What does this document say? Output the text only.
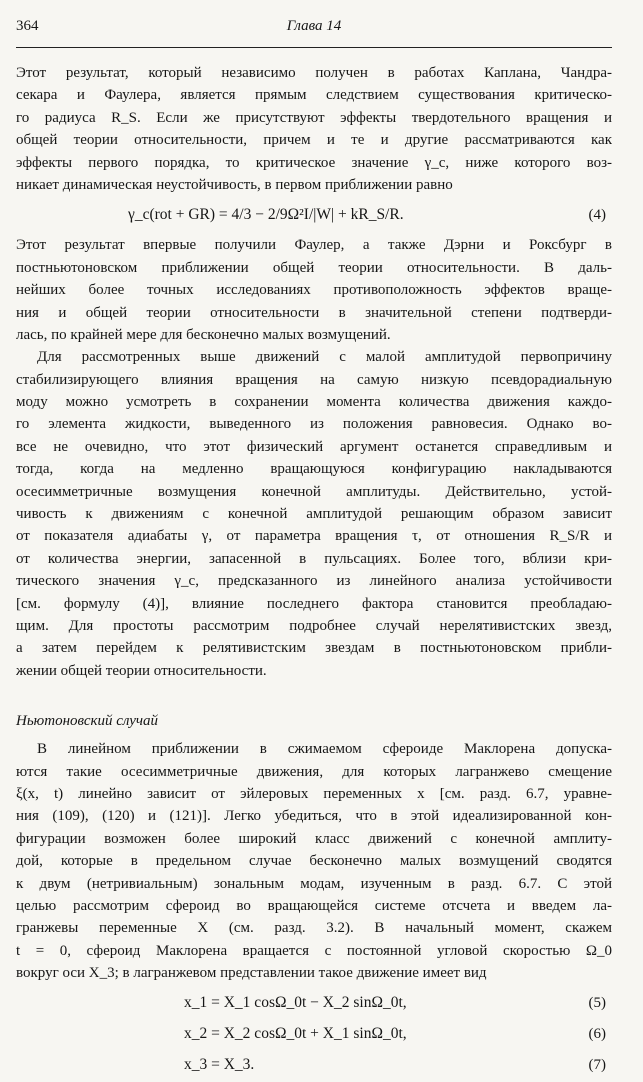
364	Глава 14
Этот результат, который независимо получен в работах Каплана, Чандра-
секара и Фаулера, является прямым следствием существования критическо-
го радиуса R_S. Если же присутствуют эффекты твердотельного вращения и
общей теории относительности, причем и те и другие рассматриваются как
эффекты первого порядка, то критическое значение γ_c, ниже которого воз-
никает динамическая неустойчивость, в первом приближении равно
γ_c(rot + GR) = 4/3 − 2/9Ω²I/|W| + kR_S/R.	(4)
Этот результат впервые получили Фаулер, а также Дэрни и Роксбург в
постньютоновском приближении общей теории относительности. В даль-
нейших более точных исследованиях противоположность эффектов враще-
ния и общей теории относительности в значительной степени подтверди-
лась, по крайней мере для бесконечно малых возмущений.
Для рассмотренных выше движений с малой амплитудой первопричину
стабилизирующего влияния вращения на самую низкую псевдорадиальную
моду можно усмотреть в сохранении момента количества движения каждо-
го элемента жидкости, выведенного из положения равновесия. Однако во-
все не очевидно, что этот физический аргумент останется справедливым и
тогда, когда на медленно вращающуюся конфигурацию накладываются
осесимметричные возмущения конечной амплитуды. Действительно, устой-
чивость к движениям с конечной амплитудой решающим образом зависит
от показателя адиабаты γ, от параметра вращения τ, от отношения R_S/R и
от количества энергии, запасенной в пульсациях. Более того, вблизи кри-
тического значения γ_c, предсказанного из линейного анализа устойчивости
[см. формулу (4)], влияние последнего фактора становится преобладаю-
щим. Для простоты рассмотрим подробнее случай нерелятивистских звезд,
а затем перейдем к релятивистским звездам в постньютоновском прибли-
жении общей теории относительности.
Ньютоновский случай
В линейном приближении в сжимаемом сфероиде Маклорена допуска-
ются такие осесимметричные движения, для которых лагранжево смещение
ξ(x, t) линейно зависит от эйлеровых переменных x [см. разд. 6.7, уравне-
ния (109), (120) и (121)]. Легко убедиться, что в этой идеализированной кон-
фигурации возможен более широкий класс движений с конечной амплиту-
дой, которые в предельном случае бесконечно малых возмущений сводятся
к двум (нетривиальным) зональным модам, изученным в разд. 6.7. С этой
целью рассмотрим сфероид во вращающейся системе отсчета и введем ла-
гранжевы переменные X (см. разд. 3.2). В начальный момент, скажем
t = 0, сфероид Маклорена вращается с постоянной угловой скоростью Ω_0
вокруг оси X_3; в лагранжевом представлении такое движение имеет вид
x_1 = X_1 cosΩ_0t − X_2 sinΩ_0t,	(5)
x_2 = X_2 cosΩ_0t + X_1 sinΩ_0t,	(6)
x_3 = X_3.	(7)
